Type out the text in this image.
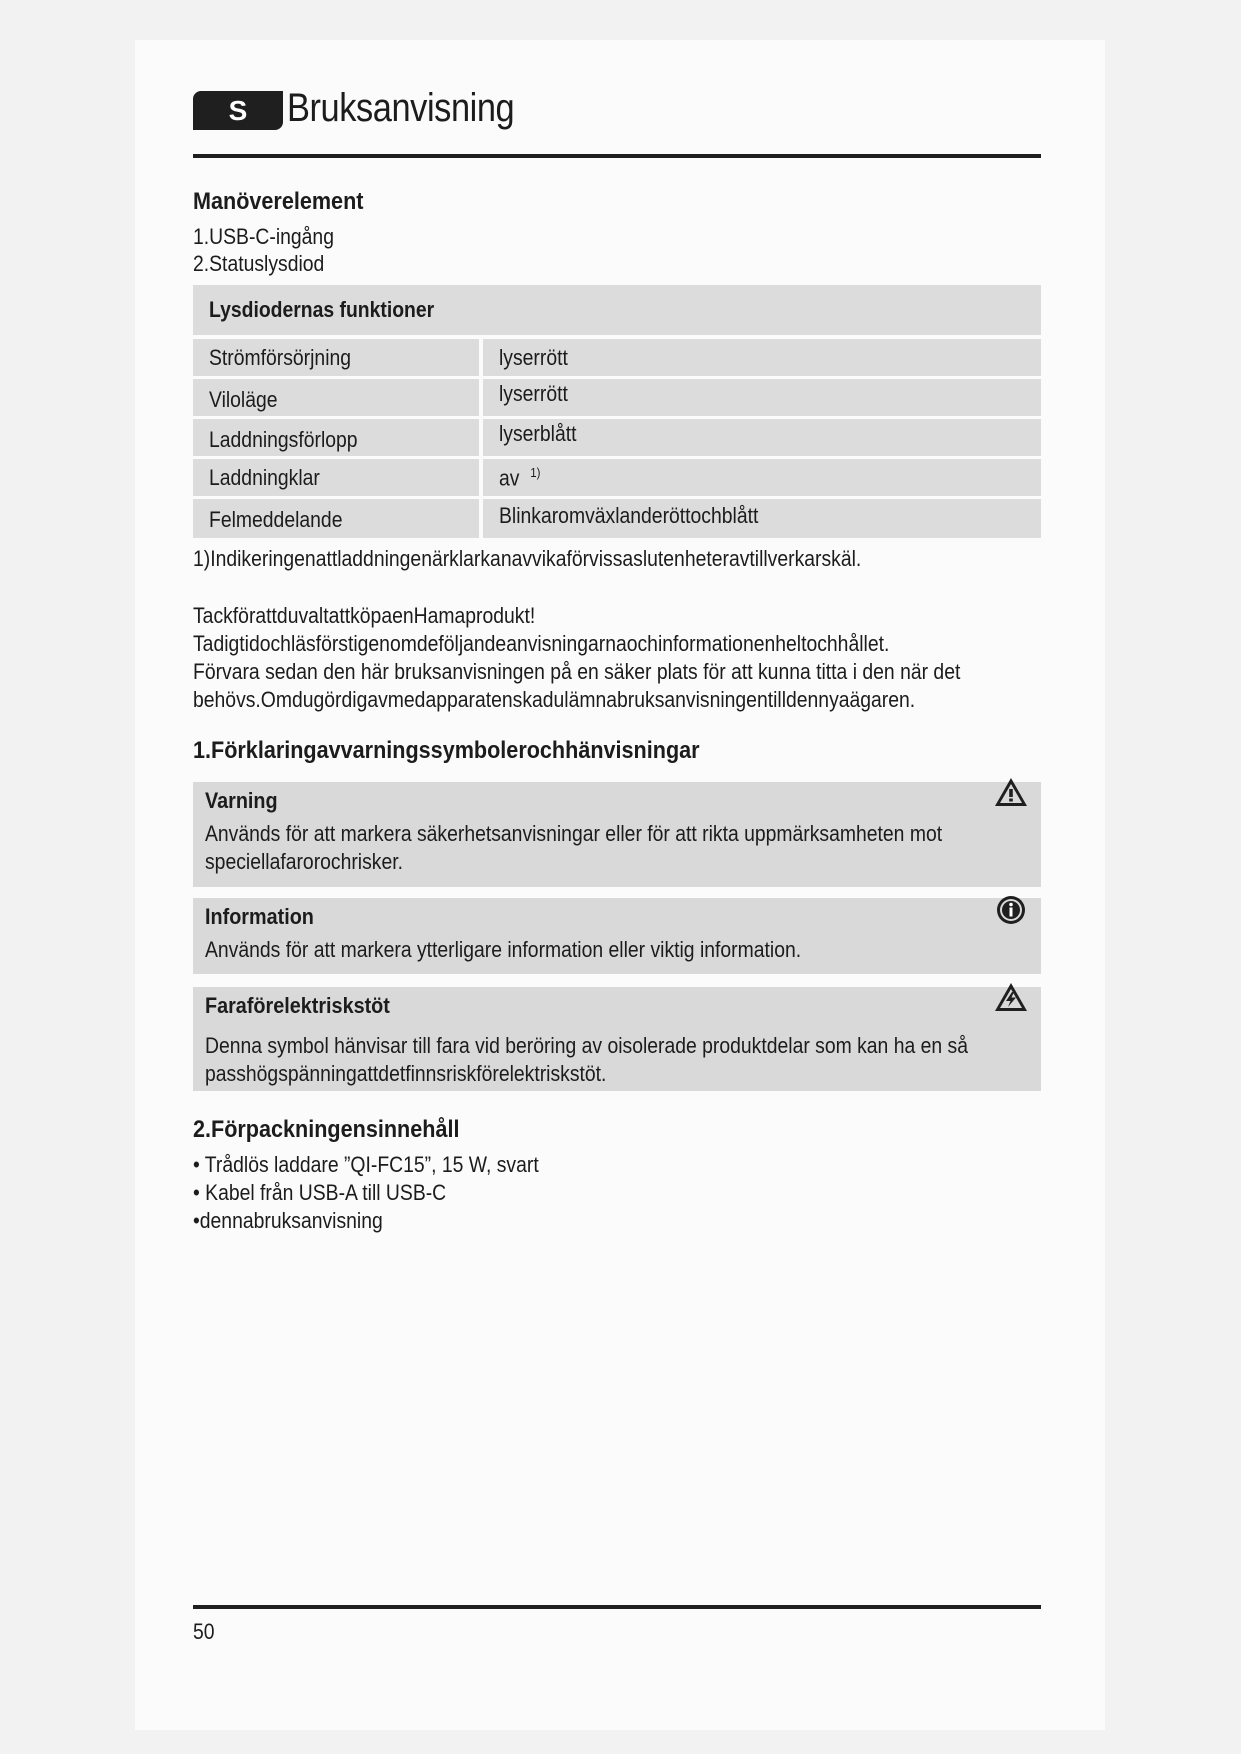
S Bruksanvisning
Manöverelement
1.USB-C-ingång
2.Statuslysdiod
Lysdiodernas funktioner
Strömförsörjning	lyserrött
Viloläge	lyserrött
Laddningsförlopp	lyserblått
Laddningklar	av $^{1)}$
Felmeddelande	Blinkaromväxlanderöttochblått
1)Indikeringenattladdningenärklarkanavvikaförvissaslutenheteravtillverkarskäl.
TackförattduvaltattköpaenHamaprodukt!
Tadigtidochläsförstigenomdeföljandeanvisningarnaochinformationenheltochhållet.
Förvara sedan den här bruksanvisningen på en säker plats för att kunna titta i den när det
behövs.Omdugördigavmedapparatenskadulämnabruksanvisningentilldennyaägaren.
1.Förklaringavvarningssymbolerochhänvisningar
Varning
Används för att markera säkerhetsanvisningar eller för att rikta uppmärksamheten mot
speciellafarorochrisker.
Information
Används för att markera ytterligare information eller viktig information.
Faraförelektriskstöt
Denna symbol hänvisar till fara vid beröring av oisolerade produktdelar som kan ha en så
passhögspänningattdetfinnsriskförelektriskstöt.
2.Förpackningensinnehåll
• Trådlös laddare ”QI-FC15”, 15 W, svart
• Kabel från USB-A till USB-C
•dennabruksanvisning
50
